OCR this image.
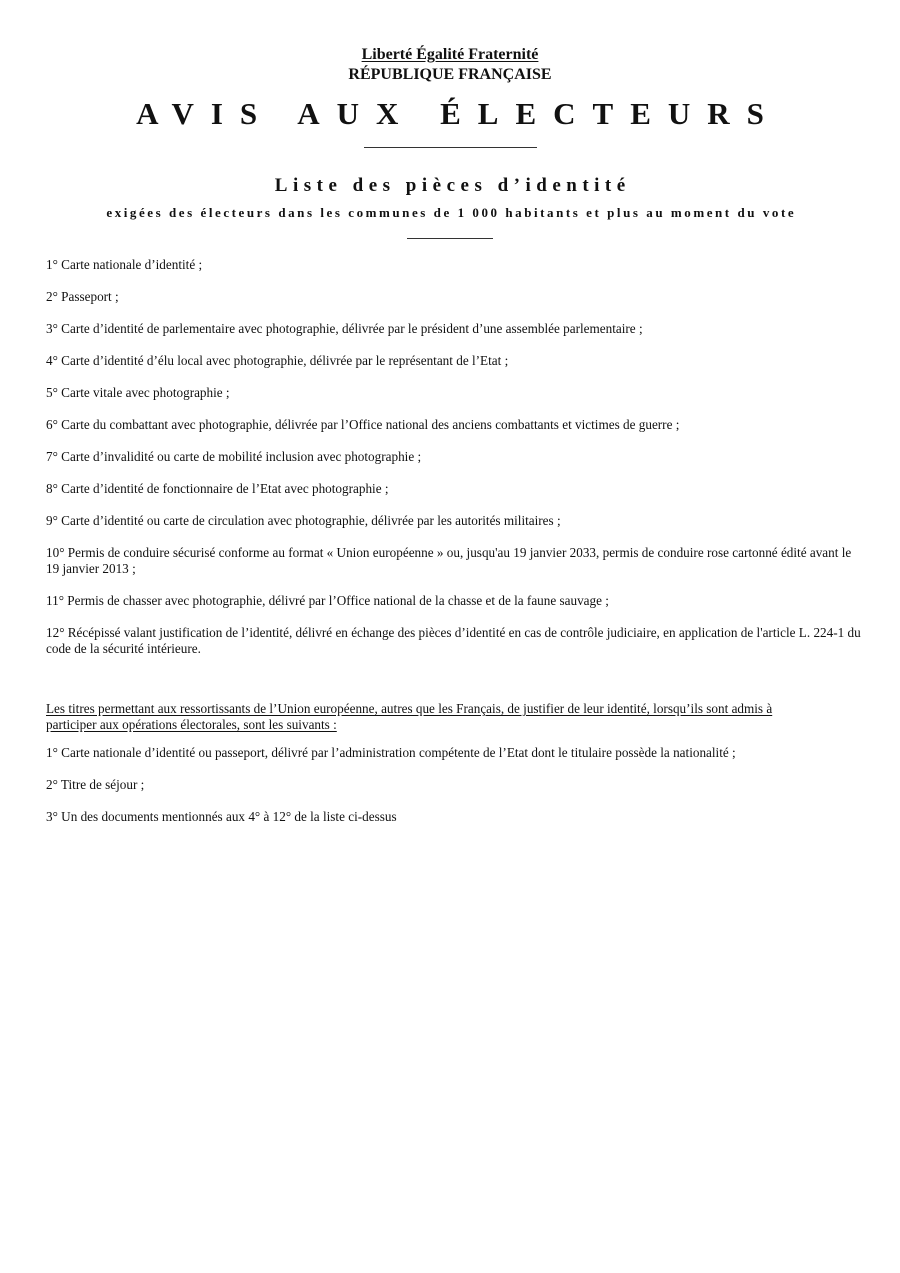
Liberté Égalité Fraternité
RÉPUBLIQUE FRANÇAISE
AVIS AUX ÉLECTEURS
Liste des pièces d’identité
exigées des électeurs dans les communes de 1 000 habitants et plus au moment du vote

1° Carte nationale d’identité ;

2° Passeport ;

3° Carte d’identité de parlementaire avec photographie, délivrée par le président d’une assemblée parlementaire ;

4° Carte d’identité d’élu local avec photographie, délivrée par le représentant de l’Etat ;

5° Carte vitale avec photographie ;

6° Carte du combattant avec photographie, délivrée par l’Office national des anciens combattants et victimes de guerre ;

7° Carte d’invalidité ou carte de mobilité inclusion avec photographie ;

8° Carte d’identité de fonctionnaire de l’Etat avec photographie ;

9° Carte d’identité ou carte de circulation avec photographie, délivrée par les autorités militaires ;

10° Permis de conduire sécurisé conforme au format « Union européenne » ou, jusqu'au 19 janvier 2033, permis de conduire rose cartonné édité avant le 19 janvier 2013 ;

11° Permis de chasser avec photographie, délivré par l’Office national de la chasse et de la faune sauvage ;

12° Récépissé valant justification de l’identité, délivré en échange des pièces d’identité en cas de contrôle judiciaire, en application de l'article L. 224-1 du code de la sécurité intérieure.

Les titres permettant aux ressortissants de l’Union européenne, autres que les Français, de justifier de leur identité, lorsqu’ils sont admis à participer aux opérations électorales, sont les suivants :

1° Carte nationale d’identité ou passeport, délivré par l’administration compétente de l’Etat dont le titulaire possède la nationalité ;

2° Titre de séjour ;

3° Un des documents mentionnés aux 4° à 12° de la liste ci-dessus
